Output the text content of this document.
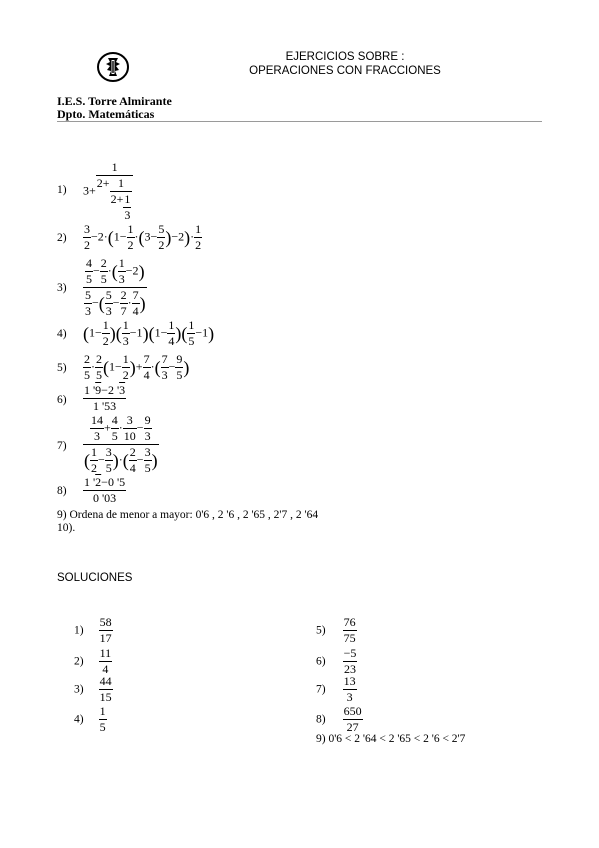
EJERCICIOS SOBRE :
OPERACIONES CON FRACCIONES
I.E.S. Torre Almirante
Dpto. Matemáticas
1) $3+ \frac{1}{2+ \frac{1}{2+ \frac{1}{3}}}$
$2) \frac{3}{2} -2\cdot(1- \frac{1}{2} \cdot(3- \frac{5}{2} )-2)\cdot \frac{1}{2}$
$3) \frac{\frac{4}{5} - \frac{2}{5} \cdot( \frac{1}{3} -2)}{\frac{5}{3} -( \frac{5}{3} - \frac{2}{7} \cdot \frac{7}{4} )}$
4) ($1- \frac{1}{2}$ )( $\frac{1}{3} -1)(1- \frac{1}{4}$ )( $\frac{1}{5} -1$)
$5) \frac{2}{5} \cdot \frac{2}{5} (1- \frac{1}{2}$ )+ $\frac{7}{4}$ ·( $\frac{7}{3} - \frac{9}{5}$ )
$6) \frac{1 '9-2 '3}{1 '53}$
$7) \frac{\frac{14}{3} + \frac{4}{5} \cdot \frac{3}{10} - \frac{9}{3}}{( \frac{1}{2} - \frac{3}{5} )\cdot( \frac{2}{4} - \frac{3}{5} )}$
$8) \frac{1 '2-0 '5}{0 '03}$
9) Ordena de menor a mayor: 0'6 , 2 '6 , 2 '65 , 2'7 , 2 '64
10).
SOLUCIONES
$1) \frac{58}{17}$
$2) \frac{11}{4}$
$3) \frac{44}{15}$
$4) \frac{1}{5}$
$5) \frac{76}{75}$
$6) \frac{-5}{23}$
$7) \frac{13}{3}$
$8) \frac{650}{27}$
9) 0'6 < 2 '64 < 2 '65 < 2 '6 < 2'7
